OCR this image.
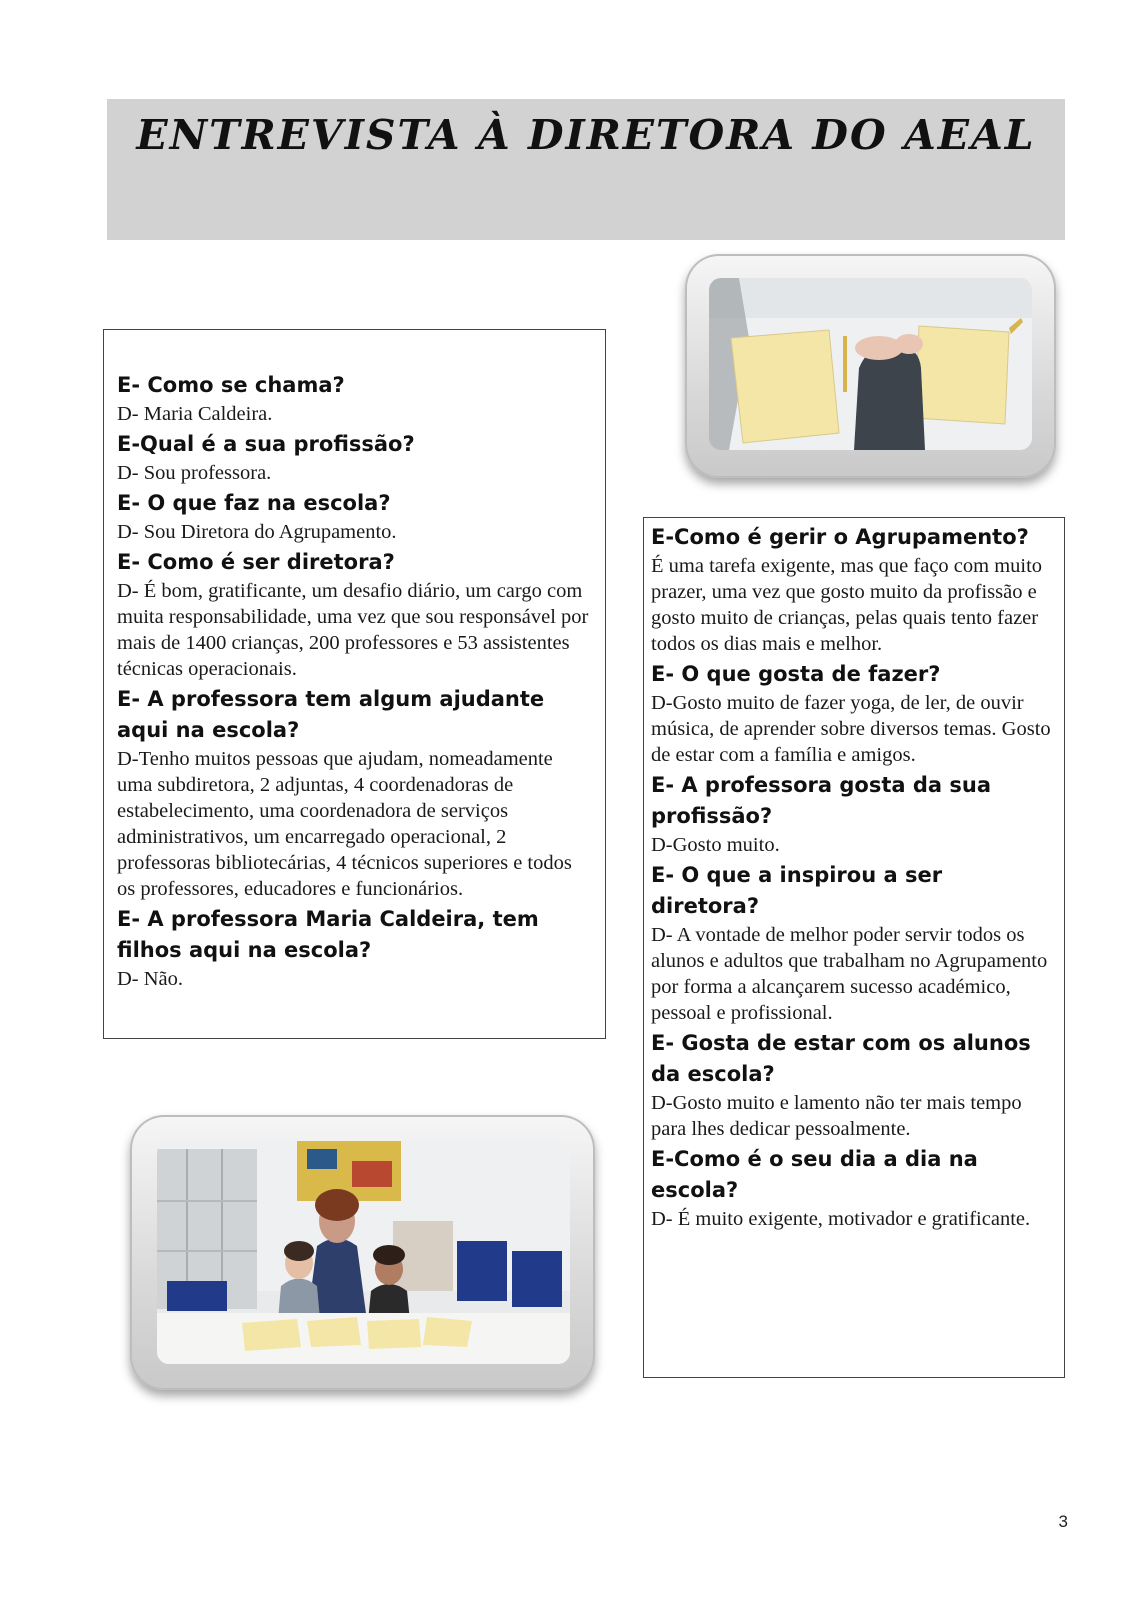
ENTREVISTA À DIRETORA DO AEAL
E- Como se chama?
D- Maria Caldeira.
E-Qual é a sua profissão?
D- Sou professora.
E- O que faz na escola?
D- Sou Diretora do Agrupamento.
E- Como é ser diretora?
D- É bom, gratificante, um desafio diário, um cargo com muita responsabilidade, uma vez que sou responsável por mais de 1400 crianças, 200 professores e 53 assistentes técnicas operacionais.
E- A professora tem algum ajudante aqui na escola?
D-Tenho muitos pessoas que ajudam, nomeadamente uma subdiretora, 2 adjuntas, 4 coordenadoras de estabelecimento, uma coordenadora de serviços administrativos, um encarregado operacional, 2 professoras bibliotecárias, 4 técnicos superiores e todos os professores, educadores e funcionários.
E- A professora Maria Caldeira, tem filhos aqui na escola?
D- Não.
E-Como é gerir o Agrupamento?
É uma tarefa exigente, mas que faço com muito prazer, uma vez que gosto muito da profissão e gosto muito de crianças, pelas quais tento fazer todos os dias mais e melhor.
E- O que gosta de fazer?
D-Gosto muito de fazer yoga, de ler, de ouvir música, de aprender sobre diversos temas. Gosto de estar com a família e amigos.
E- A professora gosta da sua profissão?
D-Gosto muito.
E- O que a inspirou a ser diretora?
D- A vontade de melhor poder servir todos os alunos e adultos que trabalham no Agrupamento por forma a alcançarem sucesso académico, pessoal e profissional.
E- Gosta de estar com os alunos da escola?
D-Gosto muito e lamento não ter mais tempo para lhes dedicar pessoalmente.
E-Como é o seu dia a dia na escola?
D- É muito exigente, motivador e gratificante.
3
